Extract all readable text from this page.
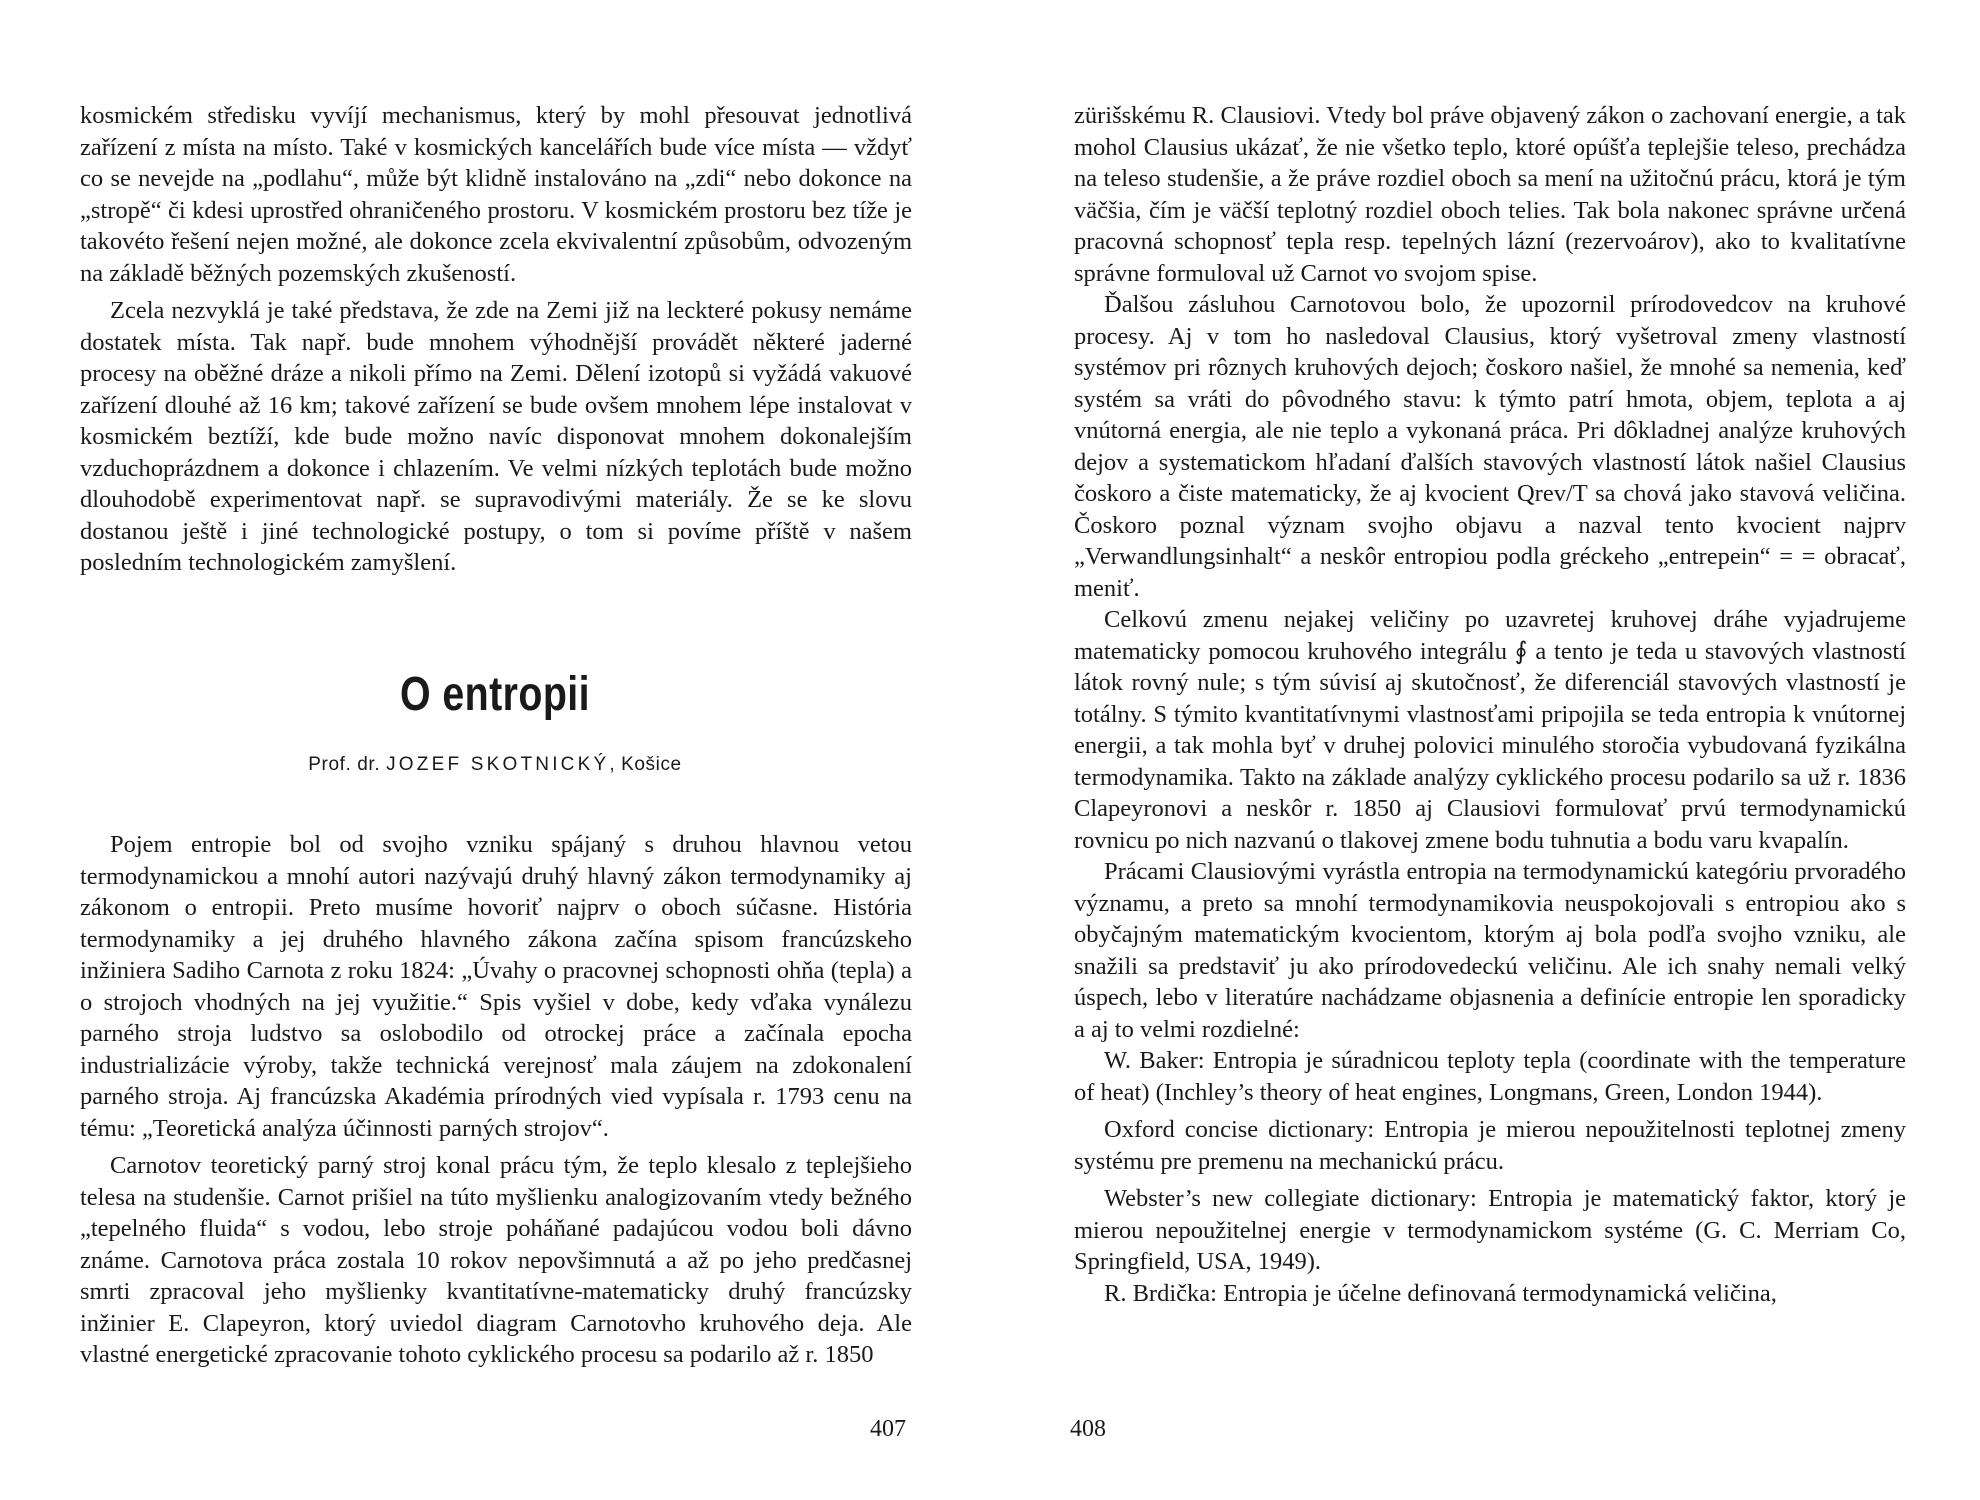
kosmickém středisku vyvíjí mechanismus, který by mohl přesouvat jednotlivá zařízení z místa na místo. Také v kosmických kancelářích bude více místa — vždyť co se nevejde na „podlahu“, může být klidně instalováno na „zdi“ nebo dokonce na „stropě“ či kdesi uprostřed ohraničeného prostoru. V kosmickém prostoru bez tíže je takovéto řešení nejen možné, ale dokonce zcela ekvivalentní způsobům, odvozeným na základě běžných pozemských zkušeností.

Zcela nezvyklá je také představa, že zde na Zemi již na leckteré pokusy nemáme dostatek místa. Tak např. bude mnohem výhodnější provádět některé jaderné procesy na oběžné dráze a nikoli přímo na Zemi. Dělení izotopů si vyžádá vakuové zařízení dlouhé až 16 km; takové zařízení se bude ovšem mnohem lépe instalovat v kosmickém beztíží, kde bude možno navíc disponovat mnohem dokonalejším vzduchoprázdnem a dokonce i chlazením. Ve velmi nízkých teplotách bude možno dlouhodobě experimentovat např. se supravodivými materiály. Že se ke slovu dostanou ještě i jiné technologické postupy, o tom si povíme příště v našem posledním technologickém zamyšlení.

O entropii
Prof. dr. JOZEF SKOTNICKÝ, Košice

Pojem entropie bol od svojho vzniku spájaný s druhou hlavnou vetou termodynamickou a mnohí autori nazývajú druhý hlavný zákon termodynamiky aj zákonom o entropii. Preto musíme hovoriť najprv o oboch súčasne. História termodynamiky a jej druhého hlavného zákona začína spisom francúzskeho inžiniera Sadiho Carnota z roku 1824: „Úvahy o pracovnej schopnosti ohňa (tepla) a o strojoch vhodných na jej využitie.“ Spis vyšiel v dobe, kedy vďaka vynálezu parného stroja ludstvo sa oslobodilo od otrockej práce a začínala epocha industrializácie výroby, takže technická verejnosť mala záujem na zdokonalení parného stroja. Aj francúzska Akadémia prírodných vied vypísala r. 1793 cenu na tému: „Teoretická analýza účinnosti parných strojov“.

Carnotov teoretický parný stroj konal prácu tým, že teplo klesalo z teplejšieho telesa na studenšie. Carnot prišiel na túto myšlienku analogizovaním vtedy bežného „tepelného fluida“ s vodou, lebo stroje poháňané padajúcou vodou boli dávno známe. Carnotova práca zostala 10 rokov nepovšimnutá a až po jeho predčasnej smrti zpracoval jeho myšlienky kvantitatívne-matematicky druhý francúzsky inžinier E. Clapeyron, ktorý uviedol diagram Carnotovho kruhového deja. Ale vlastné energetické zpracovanie tohoto cyklického procesu sa podarilo až r. 1850

407

zürišskému R. Clausiovi. Vtedy bol práve objavený zákon o zachovaní energie, a tak mohol Clausius ukázať, že nie všetko teplo, ktoré opúšťa teplejšie teleso, prechádza na teleso studenšie, a že práve rozdiel oboch sa mení na užitočnú prácu, ktorá je tým väčšia, čím je väčší teplotný rozdiel oboch telies. Tak bola nakonec správne určená pracovná schopnosť tepla resp. tepelných lázní (rezervoárov), ako to kvalitatívne správne formuloval už Carnot vo svojom spise.

Ďalšou zásluhou Carnotovou bolo, že upozornil prírodovedcov na kruhové procesy. Aj v tom ho nasledoval Clausius, ktorý vyšetroval zmeny vlastností systémov pri rôznych kruhových dejoch; čoskoro našiel, že mnohé sa nemenia, keď systém sa vráti do pôvodného stavu: k týmto patrí hmota, objem, teplota a aj vnútorná energia, ale nie teplo a vykonaná práca. Pri dôkladnej analýze kruhových dejov a systematickom hľadaní ďalších stavových vlastností látok našiel Clausius čoskoro a čiste matematicky, že aj kvocient Qrev/T sa chová jako stavová veličina. Čoskoro poznal význam svojho objavu a nazval tento kvocient najprv „Verwandlungsinhalt“ a neskôr entropiou podla gréckeho „entrepein“ = = obracať, meniť.

Celkovú zmenu nejakej veličiny po uzavretej kruhovej dráhe vyjadrujeme matematicky pomocou kruhového integrálu ∮ a tento je teda u stavových vlastností látok rovný nule; s tým súvisí aj skutočnosť, že diferenciál stavových vlastností je totálny. S týmito kvantitatívnymi vlastnosťami pripojila se teda entropia k vnútornej energii, a tak mohla byť v druhej polovici minulého storočia vybudovaná fyzikálna termodynamika. Takto na základe analýzy cyklického procesu podarilo sa už r. 1836 Clapeyronovi a neskôr r. 1850 aj Clausiovi formulovať prvú termodynamickú rovnicu po nich nazvanú o tlakovej zmene bodu tuhnutia a bodu varu kvapalín.

Prácami Clausiovými vyrástla entropia na termodynamickú kategóriu prvoradého významu, a preto sa mnohí termodynamikovia neuspokojovali s entropiou ako s obyčajným matematickým kvocientom, ktorým aj bola podľa svojho vzniku, ale snažili sa predstaviť ju ako prírodovedeckú veličinu. Ale ich snahy nemali velký úspech, lebo v literatúre nachádzame objasnenia a definície entropie len sporadicky a aj to velmi rozdielné:

W. Baker: Entropia je súradnicou teploty tepla (coordinate with the temperature of heat) (Inchley’s theory of heat engines, Longmans, Green, London 1944).

Oxford concise dictionary: Entropia je mierou nepoužitelnosti teplotnej zmeny systému pre premenu na mechanickú prácu.

Webster’s new collegiate dictionary: Entropia je matematický faktor, ktorý je mierou nepoužitelnej energie v termodynamickom systéme (G. C. Merriam Co, Springfield, USA, 1949).

R. Brdička: Entropia je účelne definovaná termodynamická veličina,

408
